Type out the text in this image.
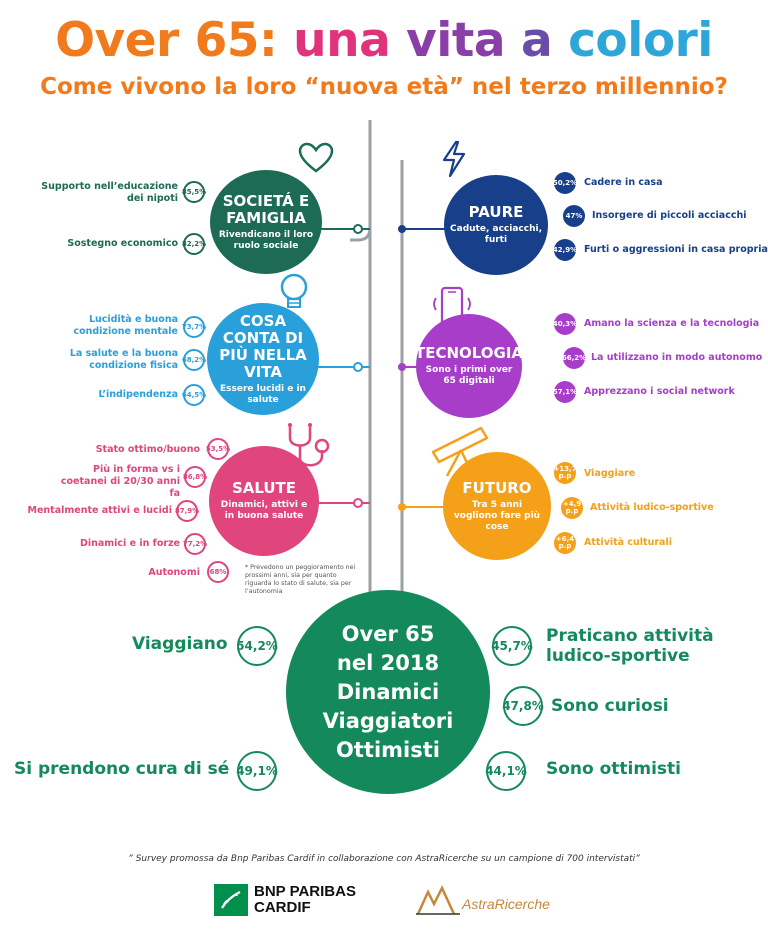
Over 65: una vita a colori
Come vivono la loro “nuova età” nel terzo millennio?
SOCIETÁ E FAMIGLIA
Rivendicano il loro ruolo sociale
Supporto nell’educazione dei nipoti
85,5%
Sostegno economico 82,2%
COSA CONTA DI PIÙ NELLA VITA
Essere lucidi e in salute
Lucidità e buona condizione mentale 73,7%
La salute e la buona condizione fisica
68,2%
L’indipendenza 64,5%
SALUTE
Dinamici, attivi e in buona salute
Stato ottimo/buono 53,5%
Più in forma vs i coetanei di 20/30 anni fa
86,8%
Mentalmente attivi e lucidi 87,9%
Dinamici e in forze 77,2%
Autonomi	68%	* Prevedono un peggioramento nei prossimi anni, sia per quanto riguarda lo stato di salute, sia per l’autonomia
PAURE
Cadute, acciacchi, furti
50,2% Cadere in casa
47% Insorgere di piccoli acciacchi
42,9% Furti o aggressioni in casa propria
TECNOLOGIA
Sono i primi over 65 digitali
40,3% Amano la scienza e la tecnologia
66,2% La utilizzano in modo autonomo
57,1% Apprezzano i social network
FUTURO
Tra 5 anni vogliono fare più cose
+13,7 p.p	Viaggiare
+4,9 p.p	Attività ludico-sportive
+6,4 p.p	Attività culturali
Over 65
nel 2018
Dinamici
Viaggiatori
Ottimisti
Viaggiano 54,2%
Si prendono cura di sé 49,1%
45,7% Praticano attività ludico-sportive
47,8% Sono curiosi
44,1% Sono ottimisti
” Survey promossa da Bnp Paribas Cardif in collaborazione con AstraRicerche su un campione di 700 intervistati”
BNP PARIBAS
CARDIF	AstraRicerche
